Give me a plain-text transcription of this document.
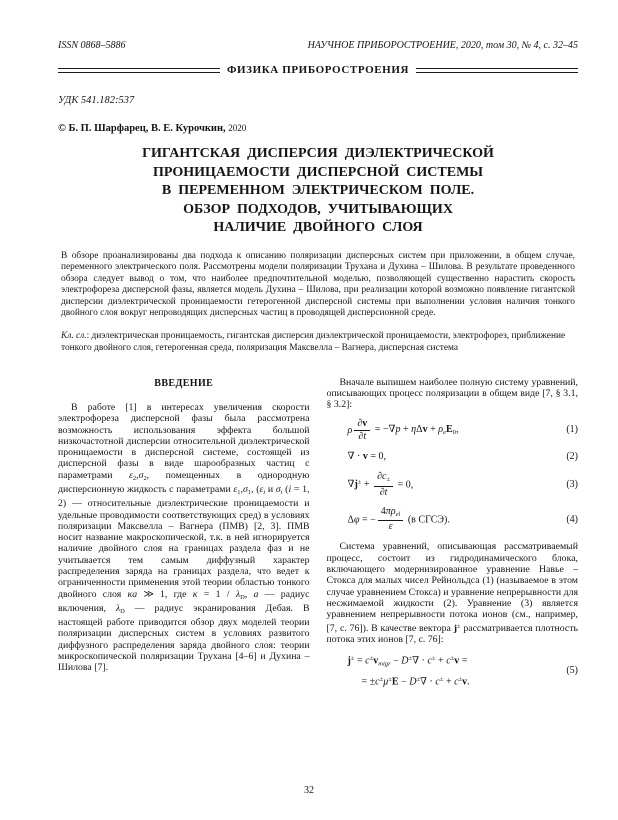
ISSN 0868–5886	НАУЧНОЕ ПРИБОРОСТРОЕНИЕ, 2020, том 30, № 4, с. 32–45
ФИЗИКА ПРИБОРОСТРОЕНИЯ
УДК 541.182:537
© Б. П. Шарфарец, В. Е. Курочкин, 2020
ГИГАНТСКАЯ ДИСПЕРСИЯ ДИЭЛЕКТРИЧЕСКОЙ
ПРОНИЦАЕМОСТИ ДИСПЕРСНОЙ СИСТЕМЫ
В ПЕРЕМЕННОМ ЭЛЕКТРИЧЕСКОМ ПОЛЕ.
ОБЗОР ПОДХОДОВ, УЧИТЫВАЮЩИХ
НАЛИЧИЕ ДВОЙНОГО СЛОЯ
В обзоре проанализированы два подхода к описанию поляризации дисперсных систем при приложении, в общем случае, переменного электрического поля. Рассмотрены модели поляризации Трухана и Духина – Шилова. В результате проведенного обзора следует вывод о том, что наиболее предпочтительной моделью, позволяющей существенно нарастить скорость электрофореза дисперсной фазы, является модель Духина – Шилова, при реализации которой возможно появление гигантской дисперсии диэлектрической проницаемости гетерогенной дисперсной системы при выполнении условия наличия тонкого двойного слоя вокруг непроводящих дисперсных частиц в проводящей дисперсионной среде.
Кл. сл.: диэлектрическая проницаемость, гигантская дисперсия диэлектрической проницаемости, электрофорез, приближение тонкого двойного слоя, гетерогенная среда, поляризация Максвелла – Вагнера, дисперсная система
ВВЕДЕНИЕ
В работе [1] в интересах увеличения скорости электрофореза дисперсной фазы была рассмотрена возможность использования эффекта большой низкочастотной дисперсии относительной диэлектрической проницаемости в дисперсной системе, состоящей из дисперсной фазы в виде шарообразных частиц с параметрами $\varepsilon_2,\sigma_2$, помещенных в однородную дисперсионную жидкость с параметрами $\varepsilon_1,\sigma_1$, ($\varepsilon_i$ и $\sigma_i$ (i = 1, 2) — относительные диэлектрические проницаемости и удельные проводимости соответствующих сред) в условиях поляризации Максвелла – Вагнера (ПМВ) [2, 3]. ПМВ носит название макроскопической, т.к. в ней игнорируется наличие двойного слоя на границах раздела фаз и не учитывается тем самым диффузный характер распределения заряда на границах раздела, что ведет к ограниченности применения этой теории областью тонкого двойного слоя κa ≫ 1, где $\kappa = 1 / \lambda_D$, a — радиус включения, $\lambda_D$ — радиус экранирования Дебая. В настоящей работе приводится обзор двух моделей теории поляризации дисперсных систем в условиях развитого диффузного распределения заряда двойного слоя: теории микроскопической поляризации Трухана [4–6] и Духина – Шилова [7].
Вначале выпишем наиболее полную систему уравнений, описывающих процесс поляризации в общем виде [7, § 3.1, § 3.2]:
ρ $\frac{\partial v}{\partial t} = -\nabla p + \eta\Delta v + \rho_eE_0$,	(1)
∇ · v = 0,	(2)
$\nabla j^\pm + \frac{\partial c_\pm}{\partial t} = 0$,	(3)
Δφ = − $\frac{4\pi\rho_{el}}{\varepsilon} (в$ СГСЭ).	(4)
Система уравнений, описывающая рассматриваемый процесс, состоит из гидродинамического блока, включающего модернизированное уравнение Навье – Стокса для малых чисел Рейнольдса (1) (называемое в этом случае уравнением Стокса) и уравнение непрерывности для несжимаемой жидкости (2). Уравнение (3) является уравнением непрерывности потока ионов (см., например, [7, с. 76]). В качестве вектора j± рассматривается плотность потока этих ионов [7, с. 76]:
$j^\pm = c^\pm v_{migr} - D^\pm\nabla \cdot c^\pm + c^\pm v$ =
= ±c±μ±E − D±∇ · c± + c±v.
(5)
32
